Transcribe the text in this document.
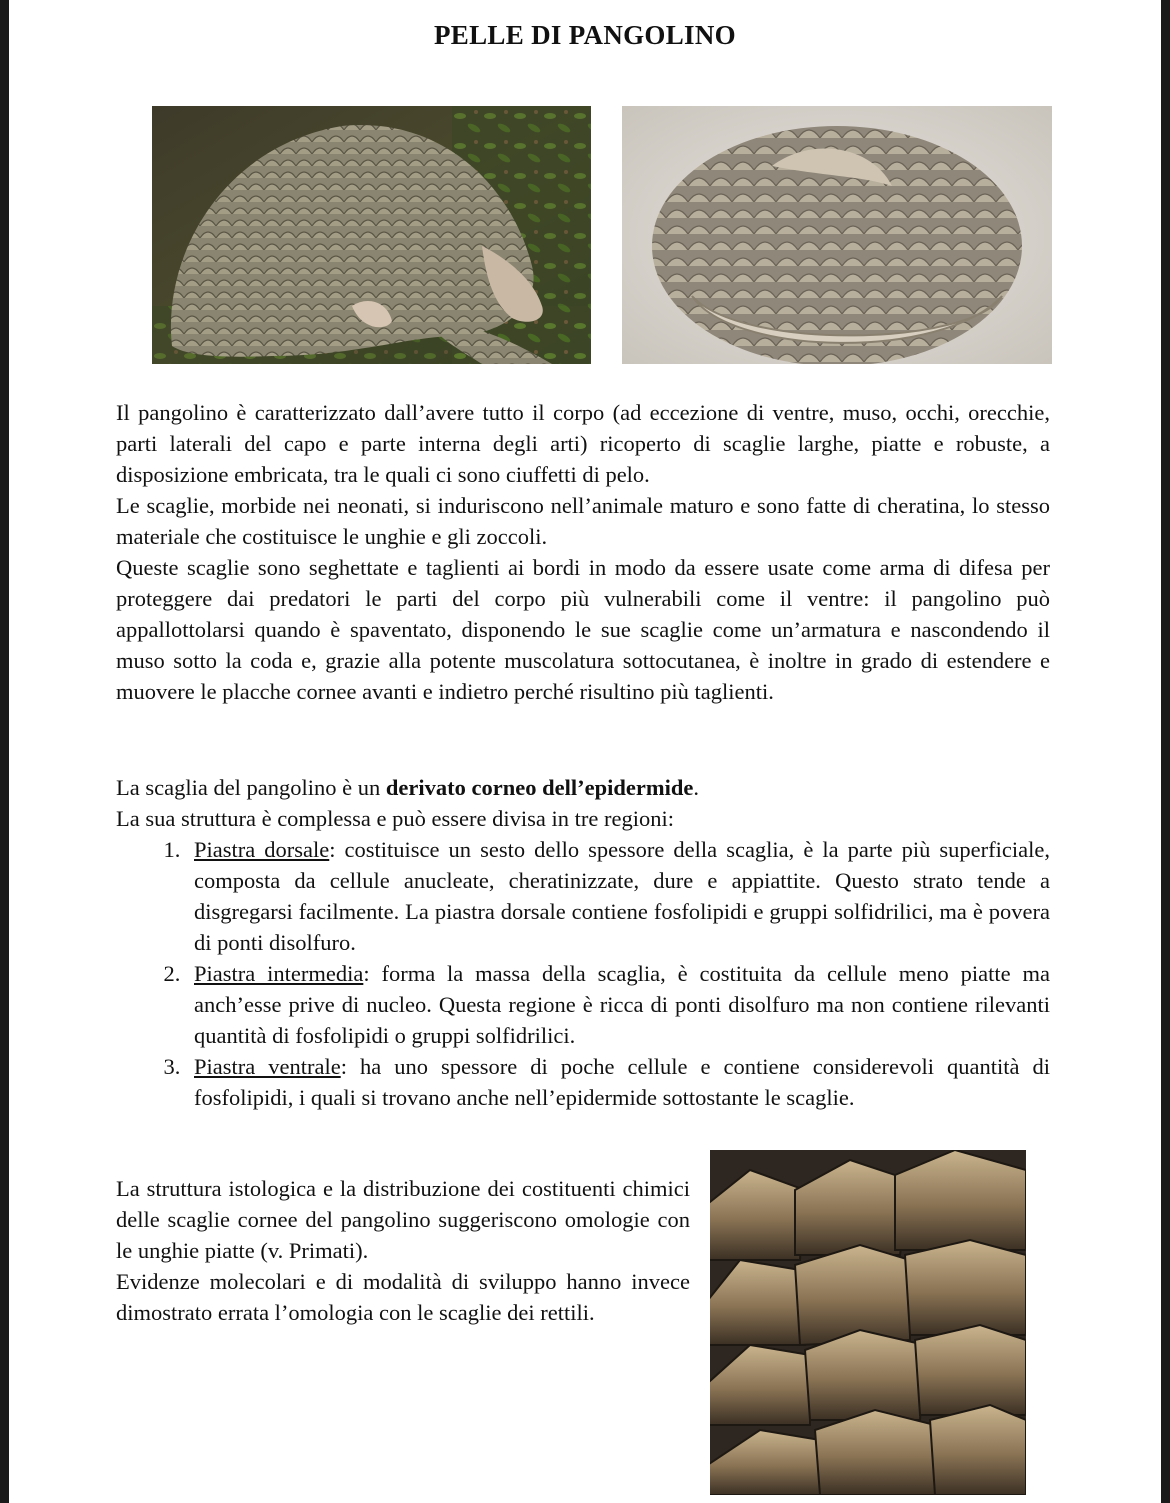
PELLE DI PANGOLINO

Il pangolino è caratterizzato dall’avere tutto il corpo (ad eccezione di ventre, muso, occhi, orecchie, parti laterali del capo e parte interna degli arti) ricoperto di scaglie larghe, piatte e robuste, a disposizione embricata, tra le quali ci sono ciuffetti di pelo.

Le scaglie, morbide nei neonati, si induriscono nell’animale maturo e sono fatte di cheratina, lo stesso materiale che costituisce le unghie e gli zoccoli.

Queste scaglie sono seghettate e taglienti ai bordi in modo da essere usate come arma di difesa per proteggere dai predatori le parti del corpo più vulnerabili come il ventre: il pangolino può appallottolarsi quando è spaventato, disponendo le sue scaglie come un’armatura e nascondendo il muso sotto la coda e, grazie alla potente muscolatura sottocutanea, è inoltre in grado di estendere e muovere le placche cornee avanti e indietro perché risultino più taglienti.

La scaglia del pangolino è un derivato corneo dell’epidermide.

La sua struttura è complessa e può essere divisa in tre regioni:

1. Piastra dorsale: costituisce un sesto dello spessore della scaglia, è la parte più superficiale, composta da cellule anucleate, cheratinizzate, dure e appiattite. Questo strato tende a disgregarsi facilmente. La piastra dorsale contiene fosfolipidi e gruppi solfidrilici, ma è povera di ponti disolfuro.
2. Piastra intermedia: forma la massa della scaglia, è costituita da cellule meno piatte ma anch’esse prive di nucleo. Questa regione è ricca di ponti disolfuro ma non contiene rilevanti quantità di fosfolipidi o gruppi solfidrilici.
3. Piastra ventrale: ha uno spessore di poche cellule e contiene considerevoli quantità di fosfolipidi, i quali si trovano anche nell’epidermide sottostante le scaglie.

La struttura istologica e la distribuzione dei costituenti chimici delle scaglie cornee del pangolino suggeriscono omologie con le unghie piatte (v. Primati).

Evidenze molecolari e di modalità di sviluppo hanno invece dimostrato errata l’omologia con le scaglie dei rettili.
